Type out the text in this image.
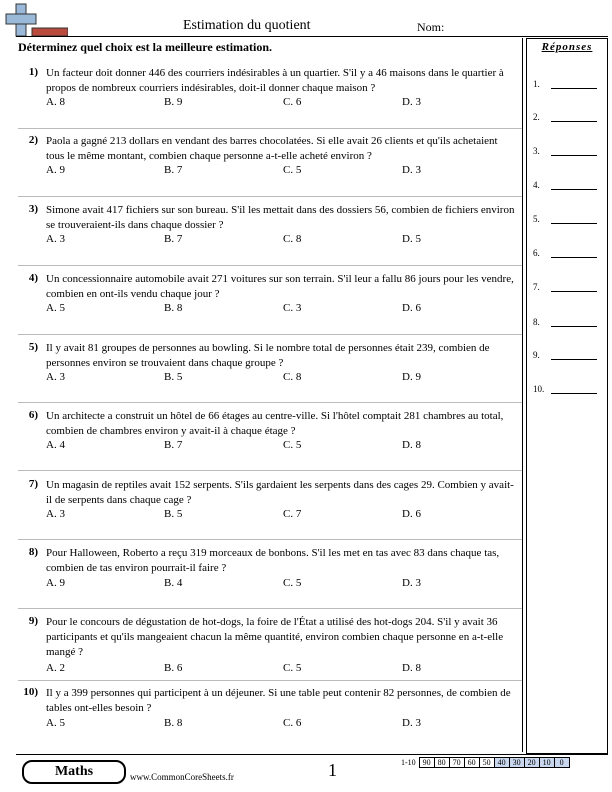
Estimation du quotient	Nom:
Déterminez quel choix est la meilleure estimation.
1) Un facteur doit donner 446 des courriers indésirables à un quartier. S'il y a 46 maisons dans le quartier à propos de nombreux courriers indésirables, doit-il donner chaque maison ?
A. 8	B. 9	C. 6	D. 3
2) Paola a gagné 213 dollars en vendant des barres chocolatées. Si elle avait 26 clients et qu'ils achetaient tous le même montant, combien chaque personne a-t-elle acheté environ ?
A. 9	B. 7	C. 5	D. 3
3) Simone avait 417 fichiers sur son bureau. S'il les mettait dans des dossiers 56, combien de fichiers environ se trouveraient-ils dans chaque dossier ?
A. 3	B. 7	C. 8	D. 5
4) Un concessionnaire automobile avait 271 voitures sur son terrain. S'il leur a fallu 86 jours pour les vendre, combien en ont-ils vendu chaque jour ?
A. 5	B. 8	C. 3	D. 6
5) Il y avait 81 groupes de personnes au bowling. Si le nombre total de personnes était 239, combien de personnes environ se trouvaient dans chaque groupe ?
A. 3	B. 5	C. 8	D. 9
6) Un architecte a construit un hôtel de 66 étages au centre-ville. Si l'hôtel comptait 281 chambres au total, combien de chambres environ y avait-il à chaque étage ?
A. 4	B. 7	C. 5	D. 8
7) Un magasin de reptiles avait 152 serpents. S'ils gardaient les serpents dans des cages 29. Combien y avait-il de serpents dans chaque cage ?
A. 3	B. 5	C. 7	D. 6
8) Pour Halloween, Roberto a reçu 319 morceaux de bonbons. S'il les met en tas avec 83 dans chaque tas, combien de tas environ pourrait-il faire ?
A. 9	B. 4	C. 5	D. 3
9) Pour le concours de dégustation de hot-dogs, la foire de l'État a utilisé des hot-dogs 204. S'il y avait 36 participants et qu'ils mangeaient chacun la même quantité, environ combien chaque personne en a-t-elle mangé ?
A. 2	B. 6	C. 5	D. 8
10) Il y a 399 personnes qui participent à un déjeuner. Si une table peut contenir 82 personnes, de combien de tables ont-elles besoin ?
A. 5	B. 8	C. 6	D. 3
Réponses
1.
2.
3.
4.
5.
6.
7.
8.
9.
10.
Maths	www.CommonCoreSheets.fr	1	1-10 90 80 70 60 50 40 30 20 10	0
